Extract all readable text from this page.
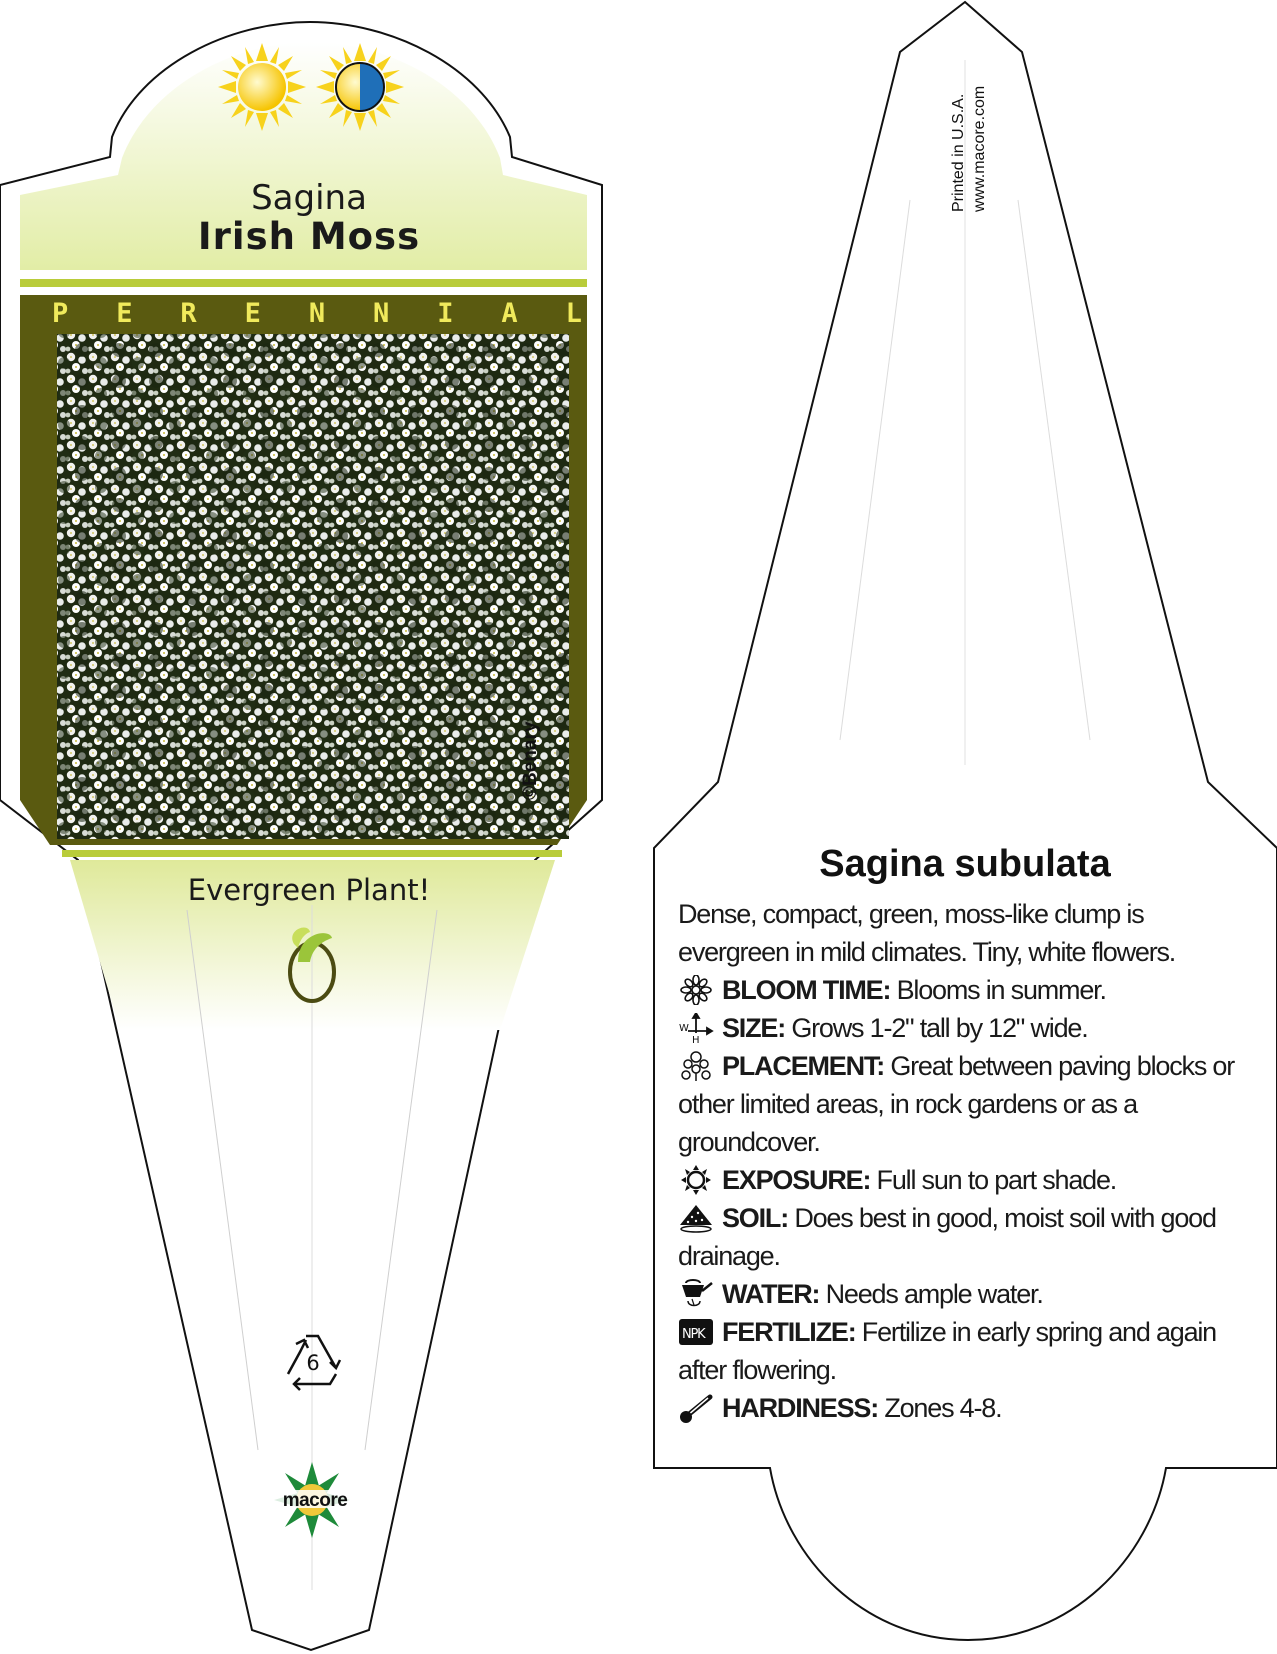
Sagina
Irish Moss
P E R E N N I A L
©Benary
Evergreen Plant!
6
macore
Printed in U.S.A. www.macore.com
Sagina subulata

Dense, compact, green, moss-like clump is evergreen in mild climates. Tiny, white flowers.

BLOOM TIME: Blooms in summer.

W
H SIZE: Grows 1-2" tall by 12" wide.

PLACEMENT: Great between paving blocks or other limited areas, in rock gardens or as a groundcover.

EXPOSURE: Full sun to part shade.

SOIL: Does best in good, moist soil with good drainage.

WATER: Needs ample water.

NPK FERTILIZE: Fertilize in early spring and again after flowering.

HARDINESS: Zones 4-8.
